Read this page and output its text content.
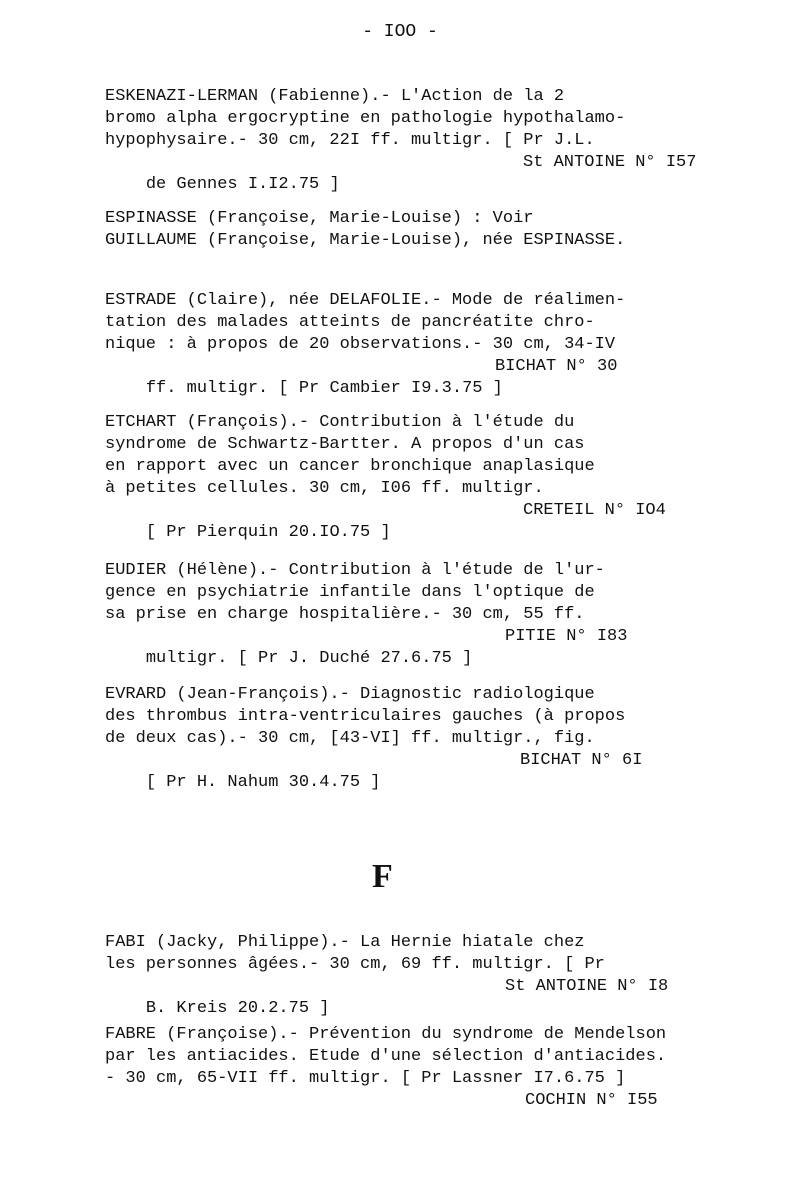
- IOO -
ESKENAZI-LERMAN (Fabienne).- L'Action de la 2
bromo alpha ergocryptine en pathologie hypothalamo-
hypophysaire.- 30 cm, 22I ff. multigr. [ Pr J.L.

de Gennes I.I2.75 ]

St ANTOINE N° I57

ESPINASSE (Françoise, Marie-Louise) : Voir
GUILLAUME (Françoise, Marie-Louise), née ESPINASSE.
ESTRADE (Claire), née DELAFOLIE.- Mode de réalimen-
tation des malades atteints de pancréatite chro-
nique : à propos de 20 observations.- 30 cm, 34-IV

ff. multigr. [ Pr Cambier I9.3.75 ]

BICHAT N° 30

ETCHART (François).- Contribution à l'étude du
syndrome de Schwartz-Bartter. A propos d'un cas
en rapport avec un cancer bronchique anaplasique
à petites cellules. 30 cm, I06 ff. multigr.

[ Pr Pierquin 20.IO.75 ]

CRETEIL N° IO4

EUDIER (Hélène).- Contribution à l'étude de l'ur-
gence en psychiatrie infantile dans l'optique de
sa prise en charge hospitalière.- 30 cm, 55 ff.

multigr. [ Pr J. Duché 27.6.75 ]

PITIE N° I83

EVRARD (Jean-François).- Diagnostic radiologique
des thrombus intra-ventriculaires gauches (à propos
de deux cas).- 30 cm, [43-VI] ff. multigr., fig.

[ Pr H. Nahum 30.4.75 ]

BICHAT N° 6I

F
FABI (Jacky, Philippe).- La Hernie hiatale chez
les personnes âgées.- 30 cm, 69 ff. multigr. [ Pr

B. Kreis 20.2.75 ]

St ANTOINE N° I8

FABRE (Françoise).- Prévention du syndrome de Mendelson
par les antiacides. Etude d'une sélection d'antiacides.
- 30 cm, 65-VII ff. multigr. [ Pr Lassner I7.6.75 ]

COCHIN N° I55
